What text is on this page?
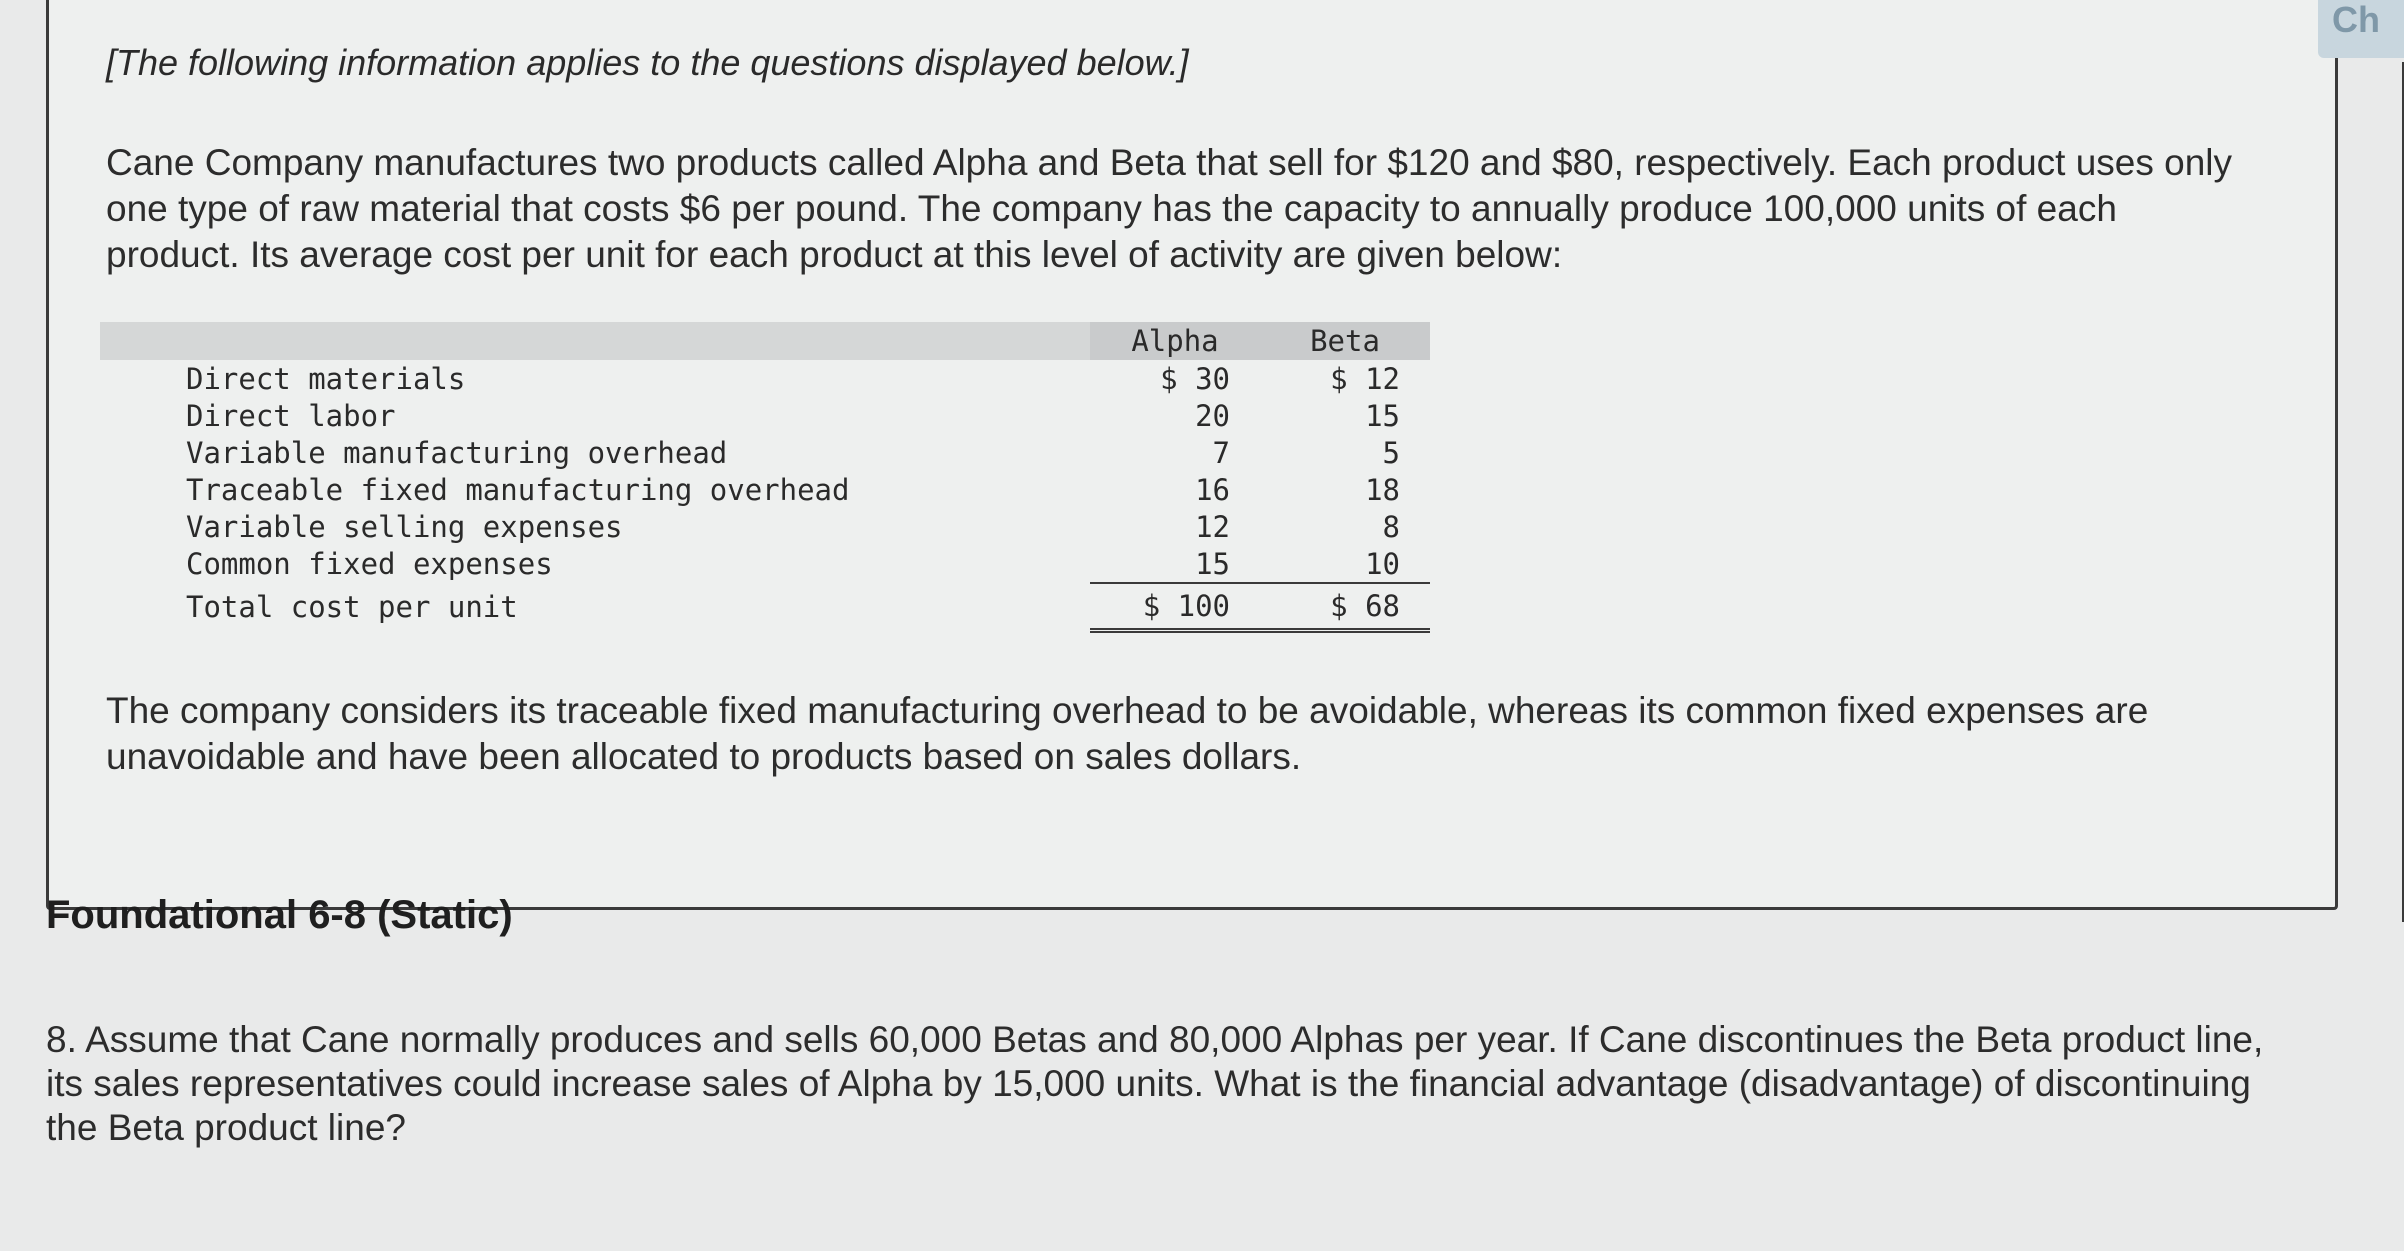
[The following information applies to the questions displayed below.]

Cane Company manufactures two products called Alpha and Beta that sell for $120 and $80, respectively. Each product uses only one type of raw material that costs $6 per pound. The company has the capacity to annually produce 100,000 units of each product. Its average cost per unit for each product at this level of activity are given below:

	Alpha	Beta
Direct materials	$ 30	$ 12
Direct labor	20	15
Variable manufacturing overhead	7	5
Traceable fixed manufacturing overhead	16	18
Variable selling expenses	12	8
Common fixed expenses	15	10
Total cost per unit	$ 100	$ 68

The company considers its traceable fixed manufacturing overhead to be avoidable, whereas its common fixed expenses are unavoidable and have been allocated to products based on sales dollars.

Foundational 6-8 (Static)

8. Assume that Cane normally produces and sells 60,000 Betas and 80,000 Alphas per year. If Cane discontinues the Beta product line, its sales representatives could increase sales of Alpha by 15,000 units. What is the financial advantage (disadvantage) of discontinuing the Beta product line?

Ch
